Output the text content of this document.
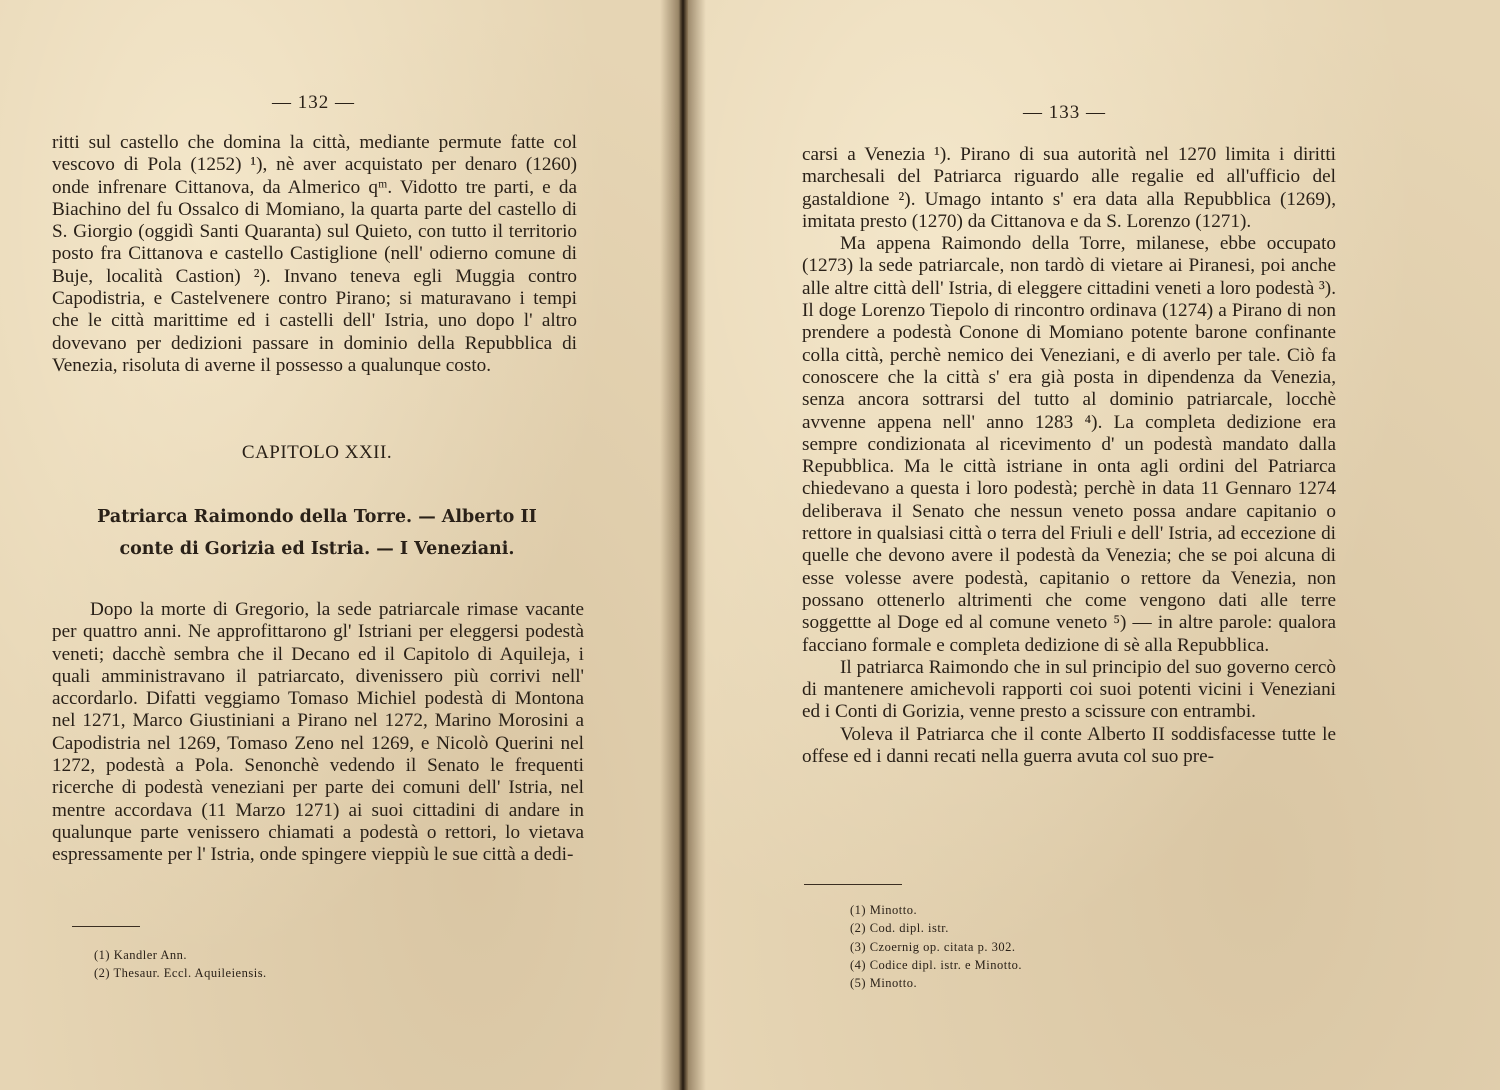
— 132 —

ritti sul castello che domina la città, mediante permute fatte col vescovo di Pola (1252) ¹), nè aver acquistato per denaro (1260) onde infrenare Cittanova, da Almerico qᵐ. Vidotto tre parti, e da Biachino del fu Ossalco di Momiano, la quarta parte del castello di S. Giorgio (oggidì Santi Quaranta) sul Quieto, con tutto il territorio posto fra Cittanova e castello Castiglione (nell' odierno comune di Buje, località Castion) ²). Invano teneva egli Muggia contro Capodistria, e Castelvenere contro Pirano; si maturavano i tempi che le città marittime ed i castelli dell' Istria, uno dopo l' altro dovevano per dedizioni passare in dominio della Repubblica di Venezia, risoluta di averne il possesso a qualunque costo.

CAPITOLO XXII.
Patriarca Raimondo della Torre. — Alberto II
conte di Gorizia ed Istria. — I Veneziani.

Dopo la morte di Gregorio, la sede patriarcale rimase vacante per quattro anni. Ne approfittarono gl' Istriani per eleggersi podestà veneti; dacchè sembra che il Decano ed il Capitolo di Aquileja, i quali amministravano il patriarcato, divenissero più corrivi nell' accordarlo. Difatti veggiamo Tomaso Michiel podestà di Montona nel 1271, Marco Giustiniani a Pirano nel 1272, Marino Morosini a Capodistria nel 1269, Tomaso Zeno nel 1269, e Nicolò Querini nel 1272, podestà a Pola. Senonchè vedendo il Senato le frequenti ricerche di podestà veneziani per parte dei comuni dell' Istria, nel mentre accordava (11 Marzo 1271) ai suoi cittadini di andare in qualunque parte venissero chiamati a podestà o rettori, lo vietava espressamente per l' Istria, onde spingere vieppiù le sue città a dedi-

(1) Kandler Ann.
(2) Thesaur. Eccl. Aquileiensis.
— 133 —

carsi a Venezia ¹). Pirano di sua autorità nel 1270 limita i diritti marchesali del Patriarca riguardo alle regalie ed all'ufficio del gastaldione ²). Umago intanto s' era data alla Repubblica (1269), imitata presto (1270) da Cittanova e da S. Lorenzo (1271).

Ma appena Raimondo della Torre, milanese, ebbe occupato (1273) la sede patriarcale, non tardò di vietare ai Piranesi, poi anche alle altre città dell' Istria, di eleggere cittadini veneti a loro podestà ³). Il doge Lorenzo Tiepolo di rincontro ordinava (1274) a Pirano di non prendere a podestà Conone di Momiano potente barone confinante colla città, perchè nemico dei Veneziani, e di averlo per tale. Ciò fa conoscere che la città s' era già posta in dipendenza da Venezia, senza ancora sottrarsi del tutto al dominio patriarcale, locchè avvenne appena nell' anno 1283 ⁴). La completa dedizione era sempre condizionata al ricevimento d' un podestà mandato dalla Repubblica. Ma le città istriane in onta agli ordini del Patriarca chiedevano a questa i loro podestà; perchè in data 11 Gennaro 1274 deliberava il Senato che nessun veneto possa andare capitanio o rettore in qualsiasi città o terra del Friuli e dell' Istria, ad eccezione di quelle che devono avere il podestà da Venezia; che se poi alcuna di esse volesse avere podestà, capitanio o rettore da Venezia, non possano ottenerlo altrimenti che come vengono dati alle terre soggettte al Doge ed al comune veneto ⁵) — in altre parole: qualora facciano formale e completa dedizione di sè alla Repubblica.

Il patriarca Raimondo che in sul principio del suo governo cercò di mantenere amichevoli rapporti coi suoi potenti vicini i Veneziani ed i Conti di Gorizia, venne presto a scissure con entrambi.

Voleva il Patriarca che il conte Alberto II soddisfacesse tutte le offese ed i danni recati nella guerra avuta col suo pre-

(1) Minotto.
(2) Cod. dipl. istr.
(3) Czoernig op. citata p. 302.
(4) Codice dipl. istr. e Minotto.
(5) Minotto.
